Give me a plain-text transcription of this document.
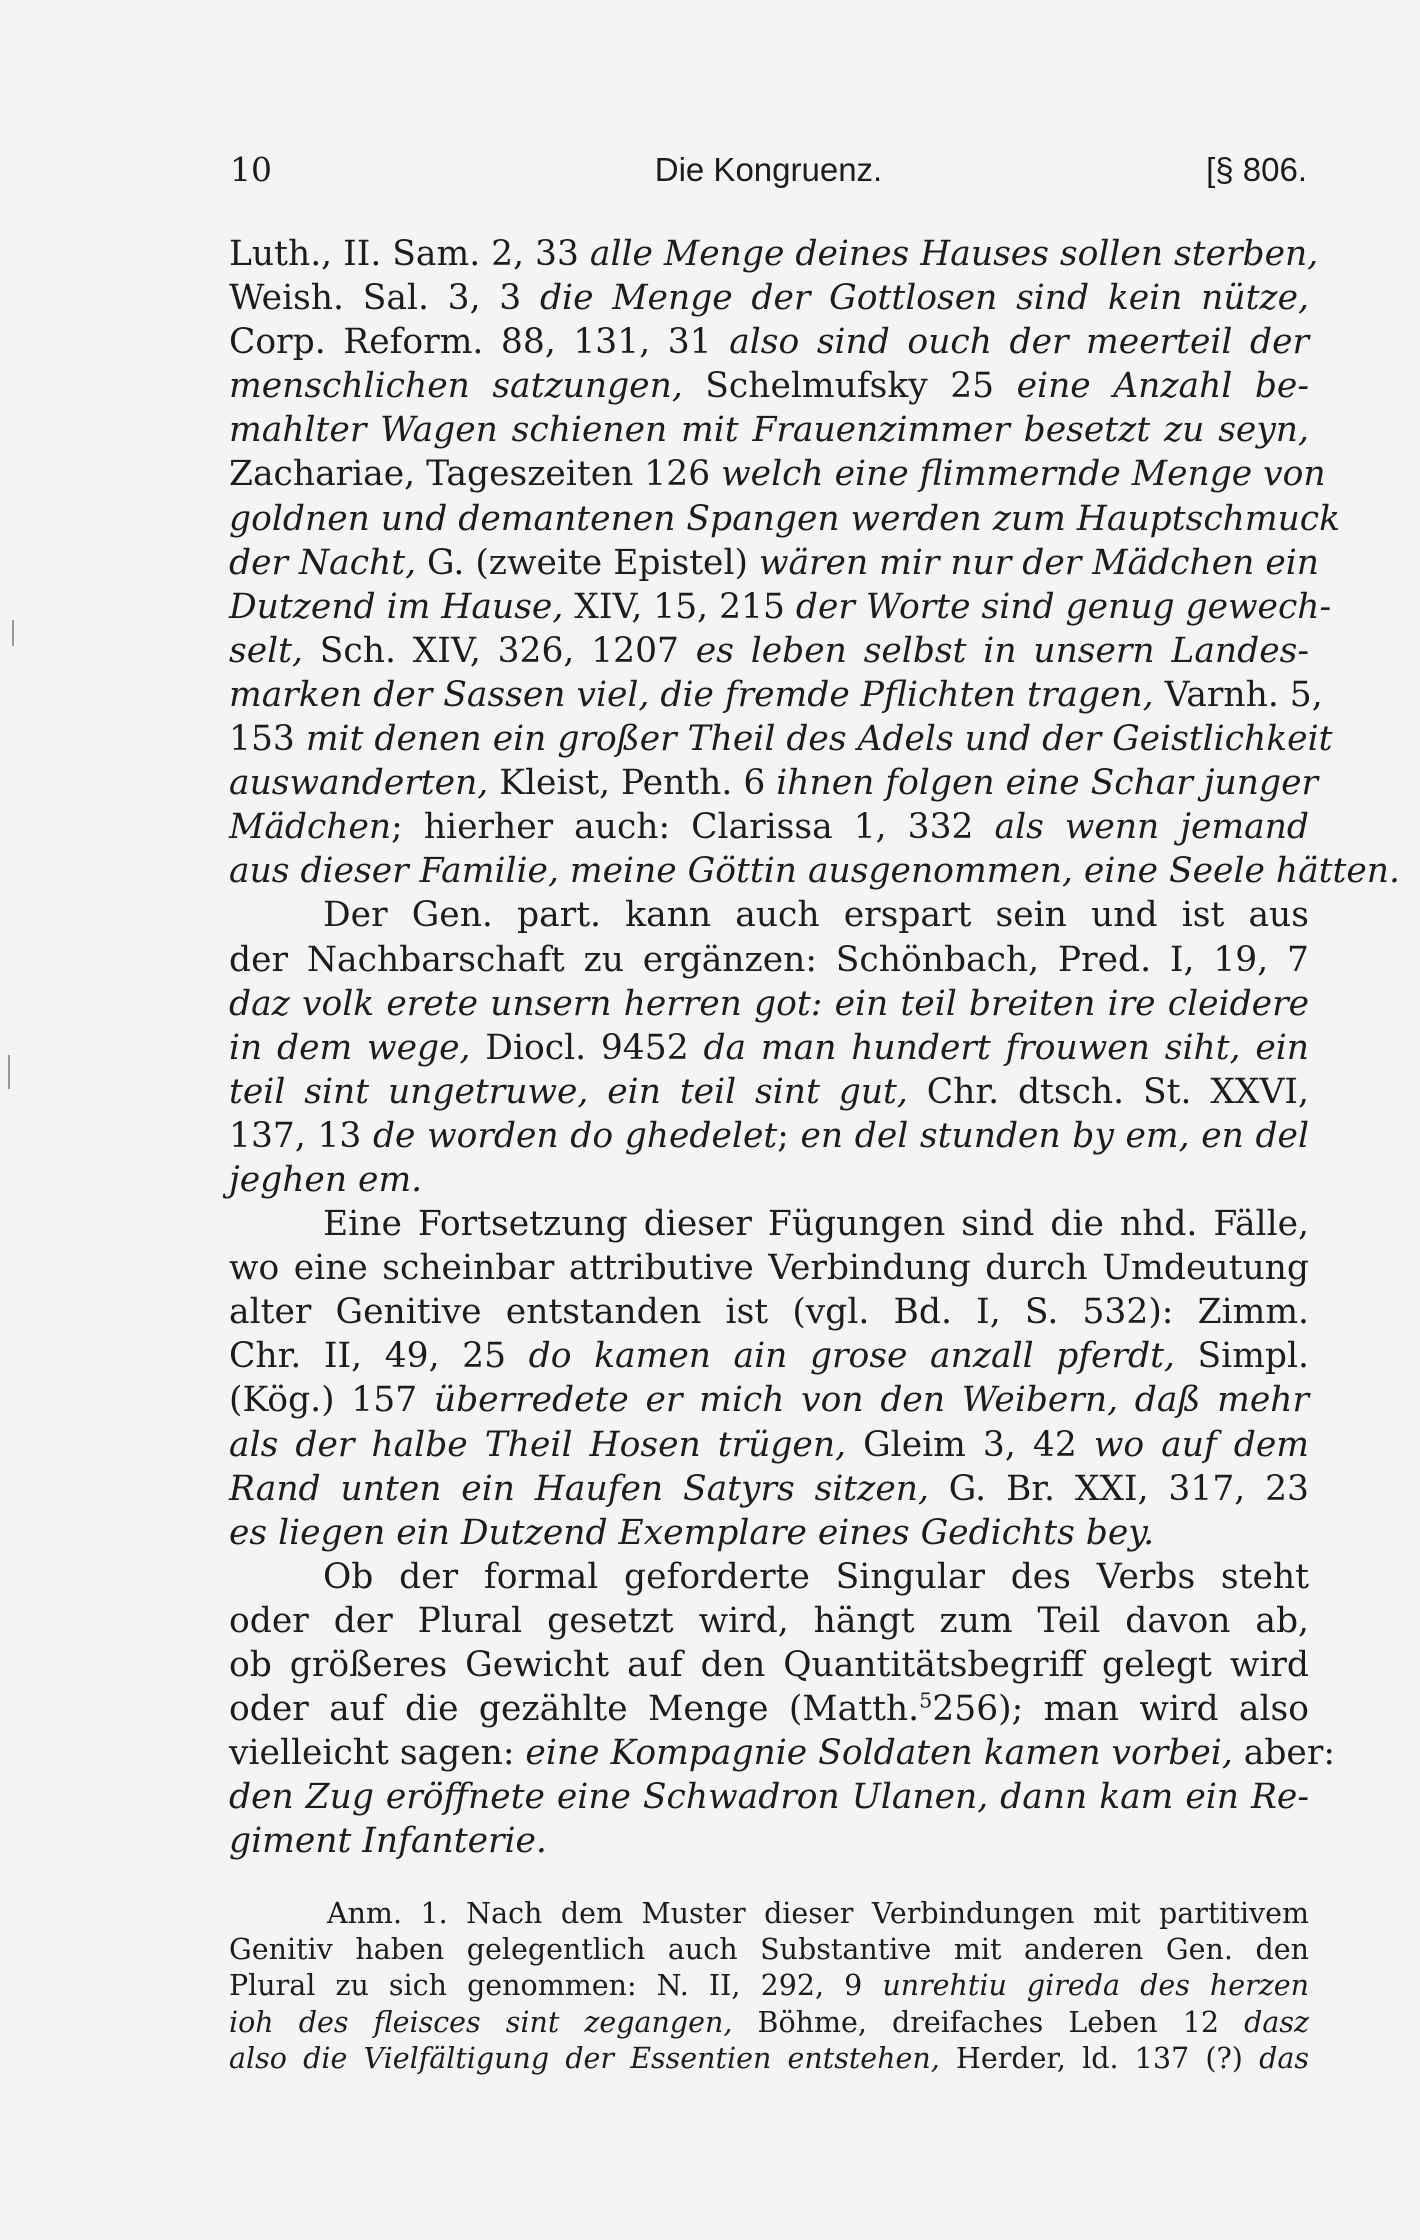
10	Die Kongruenz.	[§ 806.
Luth., II. Sam. 2, 33 alle Menge deines Hauses sollen sterben,
Weish. Sal. 3, 3 die Menge der Gottlosen sind kein nütze,
Corp. Reform. 88, 131, 31 also sind ouch der meerteil der
menschlichen satzungen, Schelmufsky 25 eine Anzahl be-
mahlter Wagen schienen mit Frauenzimmer besetzt zu seyn,
Zachariae, Tageszeiten 126 welch eine flimmernde Menge von
goldnen und demantenen Spangen werden zum Hauptschmuck
der Nacht, G. (zweite Epistel) wären mir nur der Mädchen ein
Dutzend im Hause, XIV, 15, 215 der Worte sind genug gewech-
selt, Sch. XIV, 326, 1207 es leben selbst in unsern Landes-
marken der Sassen viel, die fremde Pflichten tragen, Varnh. 5,
153 mit denen ein großer Theil des Adels und der Geistlichkeit
auswanderten, Kleist, Penth. 6 ihnen folgen eine Schar junger
Mädchen; hierher auch: Clarissa 1, 332 als wenn jemand
aus dieser Familie, meine Göttin ausgenommen, eine Seele hätten.
Der Gen. part. kann auch erspart sein und ist aus
der Nachbarschaft zu ergänzen: Schönbach, Pred. I, 19, 7
daz volk erete unsern herren got: ein teil breiten ire cleidere
in dem wege, Diocl. 9452 da man hundert frouwen siht, ein
teil sint ungetruwe, ein teil sint gut, Chr. dtsch. St. XXVI,
137, 13 de worden do ghedelet; en del stunden by em, en del
jeghen em.
Eine Fortsetzung dieser Fügungen sind die nhd. Fälle,
wo eine scheinbar attributive Verbindung durch Umdeutung
alter Genitive entstanden ist (vgl. Bd. I, S. 532): Zimm.
Chr. II, 49, 25 do kamen ain grose anzall pferdt, Simpl.
(Kög.) 157 überredete er mich von den Weibern, daß mehr
als der halbe Theil Hosen trügen, Gleim 3, 42 wo auf dem
Rand unten ein Haufen Satyrs sitzen, G. Br. XXI, 317, 23
es liegen ein Dutzend Exemplare eines Gedichts bey.
Ob der formal geforderte Singular des Verbs steht
oder der Plural gesetzt wird, hängt zum Teil davon ab,
ob größeres Gewicht auf den Quantitätsbegriff gelegt wird
oder auf die gezählte Menge (Matth.$^5$256); man wird also
vielleicht sagen: eine Kompagnie Soldaten kamen vorbei, aber:
den Zug eröffnete eine Schwadron Ulanen, dann kam ein Re-
giment Infanterie.
Anm. 1. Nach dem Muster dieser Verbindungen mit partitivem
Genitiv haben gelegentlich auch Substantive mit anderen Gen. den
Plural zu sich genommen: N. II, 292, 9 unrehtiu gireda des herzen
ioh des fleisces sint zegangen, Böhme, dreifaches Leben 12 dasz
also die Vielfältigung der Essentien entstehen, Herder, ld. 137 (?) das
